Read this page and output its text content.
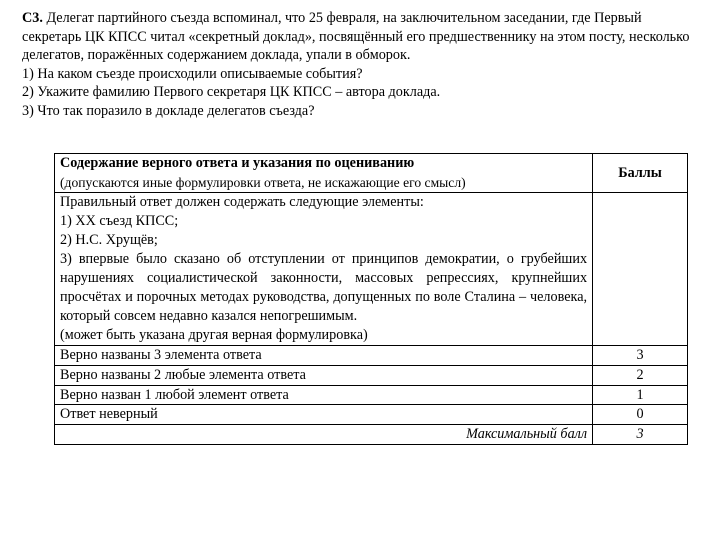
С3. Делегат партийного съезда вспоминал, что 25 февраля, на заключительном заседании, где Первый секретарь ЦК КПСС читал «секретный доклад», посвящённый его предшественнику на этом посту, несколько делегатов, поражённых содержанием доклада, упали в обморок.

1) На каком съезде происходили описываемые события?

2) Укажите фамилию Первого секретаря ЦК КПСС – автора доклада.

3) Что так поразило в докладе делегатов съезда?

Содержание верного ответа и указания по оцениванию
(допускаются иные формулировки ответа, не искажающие его смысл)	Баллы

Правильный ответ должен содержать следующие элементы:
1) XX съезд КПСС;
2) Н.С. Хрущёв;
3) впервые было сказано об отступлении от принципов демократии, о грубейших нарушениях социалистической законности, массовых репрессиях, крупнейших просчётах и порочных методах руководства, допущенных по воле Сталина – человека, который совсем недавно казался непогрешимым.
(может быть указана другая верная формулировка)	

Верно названы 3 элемента ответа	3
Верно названы 2 любые элемента ответа	2
Верно назван 1 любой элемент ответа	1
Ответ неверный	0
Максимальный балл	3
